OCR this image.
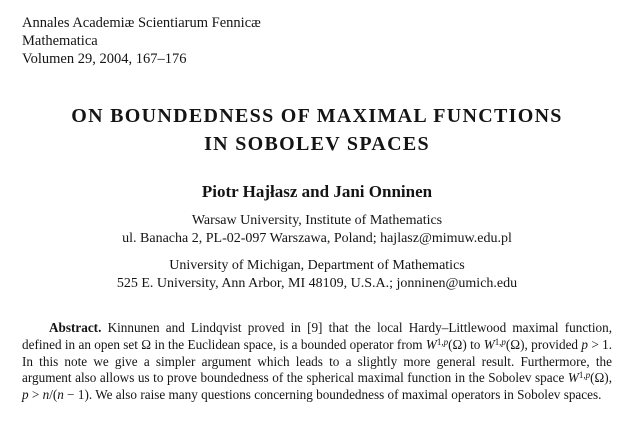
Annales Academiæ Scientiarum Fennicæ
Mathematica
Volumen 29, 2004, 167–176
ON BOUNDEDNESS OF MAXIMAL FUNCTIONS
IN SOBOLEV SPACES
Piotr Hajłasz and Jani Onninen
Warsaw University, Institute of Mathematics
ul. Banacha 2, PL-02-097 Warszawa, Poland; hajlasz@mimuw.edu.pl
University of Michigan, Department of Mathematics
525 E. University, Ann Arbor, MI 48109, U.S.A.; jonninen@umich.edu

Abstract. Kinnunen and Lindqvist proved in [9] that the local Hardy–Littlewood maximal function, defined in an open set Ω in the Euclidean space, is a bounded operator from W$^{1,p}$(Ω) to W$^{1,p}$(Ω), provided p > 1. In this note we give a simpler argument which leads to a slightly more general result. Furthermore, the argument also allows us to prove boundedness of the spherical maximal function in the Sobolev space W$^{1,p}$(Ω), p > n/(n − 1). We also raise many questions concerning boundedness of maximal operators in Sobolev spaces.
